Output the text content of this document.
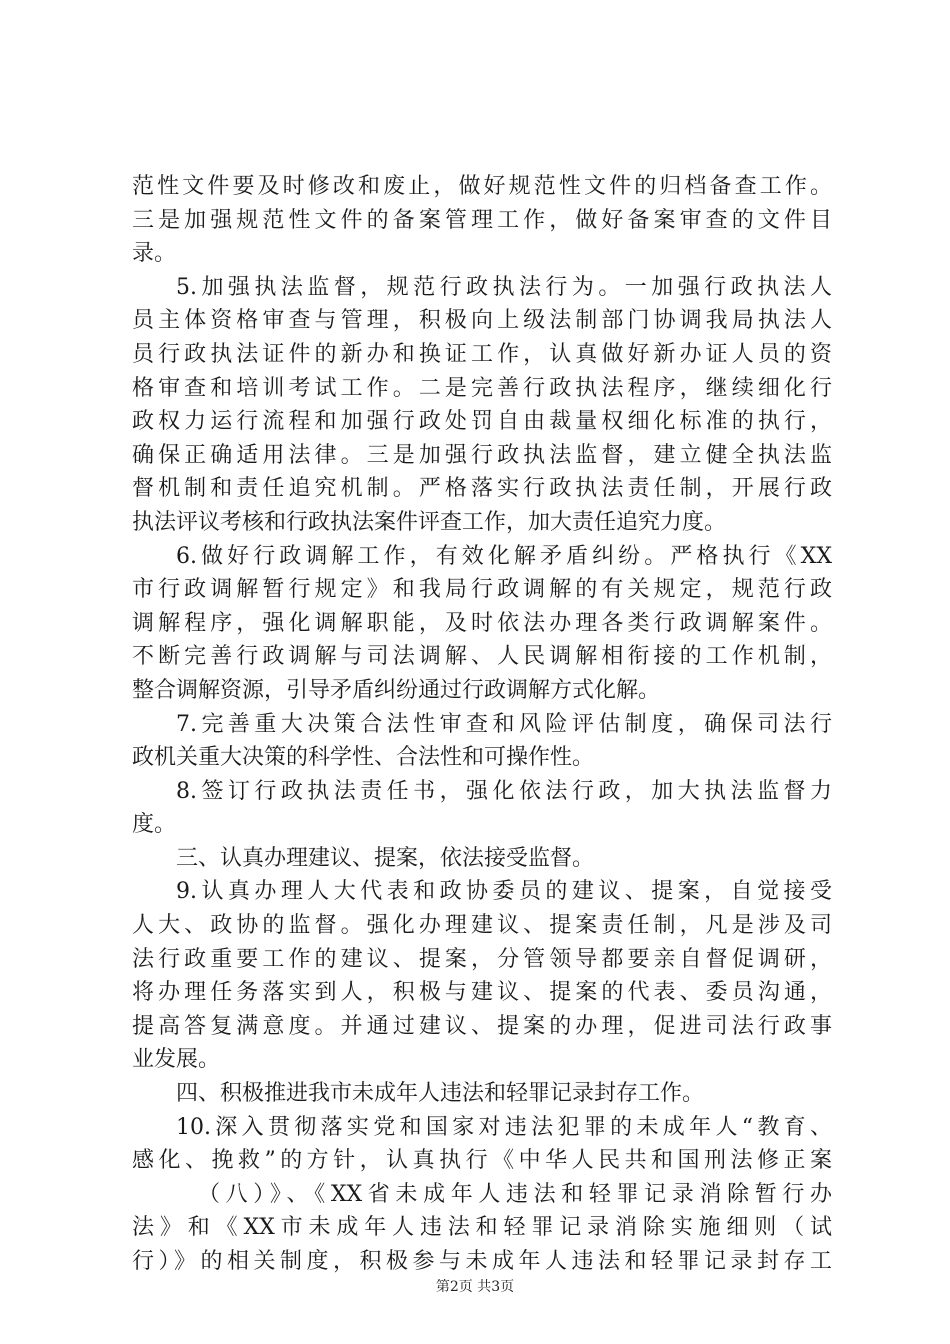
范性文件要及时修改和废止，做好规范性文件的归档备查工作。
三是加强规范性文件的备案管理工作，做好备案审查的文件目
录。
5.加强执法监督，规范行政执法行为。一加强行政执法人
员主体资格审查与管理，积极向上级法制部门协调我局执法人
员行政执法证件的新办和换证工作，认真做好新办证人员的资
格审查和培训考试工作。二是完善行政执法程序，继续细化行
政权力运行流程和加强行政处罚自由裁量权细化标准的执行，
确保正确适用法律。三是加强行政执法监督，建立健全执法监
督机制和责任追究机制。严格落实行政执法责任制，开展行政
执法评议考核和行政执法案件评查工作，加大责任追究力度。
6.做好行政调解工作，有效化解矛盾纠纷。严格执行《XX
市行政调解暂行规定》和我局行政调解的有关规定，规范行政
调解程序，强化调解职能，及时依法办理各类行政调解案件。
不断完善行政调解与司法调解、人民调解相衔接的工作机制，
整合调解资源，引导矛盾纠纷通过行政调解方式化解。
7.完善重大决策合法性审查和风险评估制度，确保司法行
政机关重大决策的科学性、合法性和可操作性。
8.签订行政执法责任书，强化依法行政，加大执法监督力
度。
三、认真办理建议、提案，依法接受监督。
9.认真办理人大代表和政协委员的建议、提案，自觉接受
人大、政协的监督。强化办理建议、提案责任制，凡是涉及司
法行政重要工作的建议、提案，分管领导都要亲自督促调研，
将办理任务落实到人，积极与建议、提案的代表、委员沟通，
提高答复满意度。并通过建议、提案的办理，促进司法行政事
业发展。
四、积极推进我市未成年人违法和轻罪记录封存工作。
10.深入贯彻落实党和国家对违法犯罪的未成年人“教育、
感化、挽救”的方针，认真执行《中华人民共和国刑法修正案
（八）》、《XX省未成年人违法和轻罪记录消除暂行办
法》和《XX市未成年人违法和轻罪记录消除实施细则（试
行）》的相关制度，积极参与未成年人违法和轻罪记录封存工
第2页 共3页
